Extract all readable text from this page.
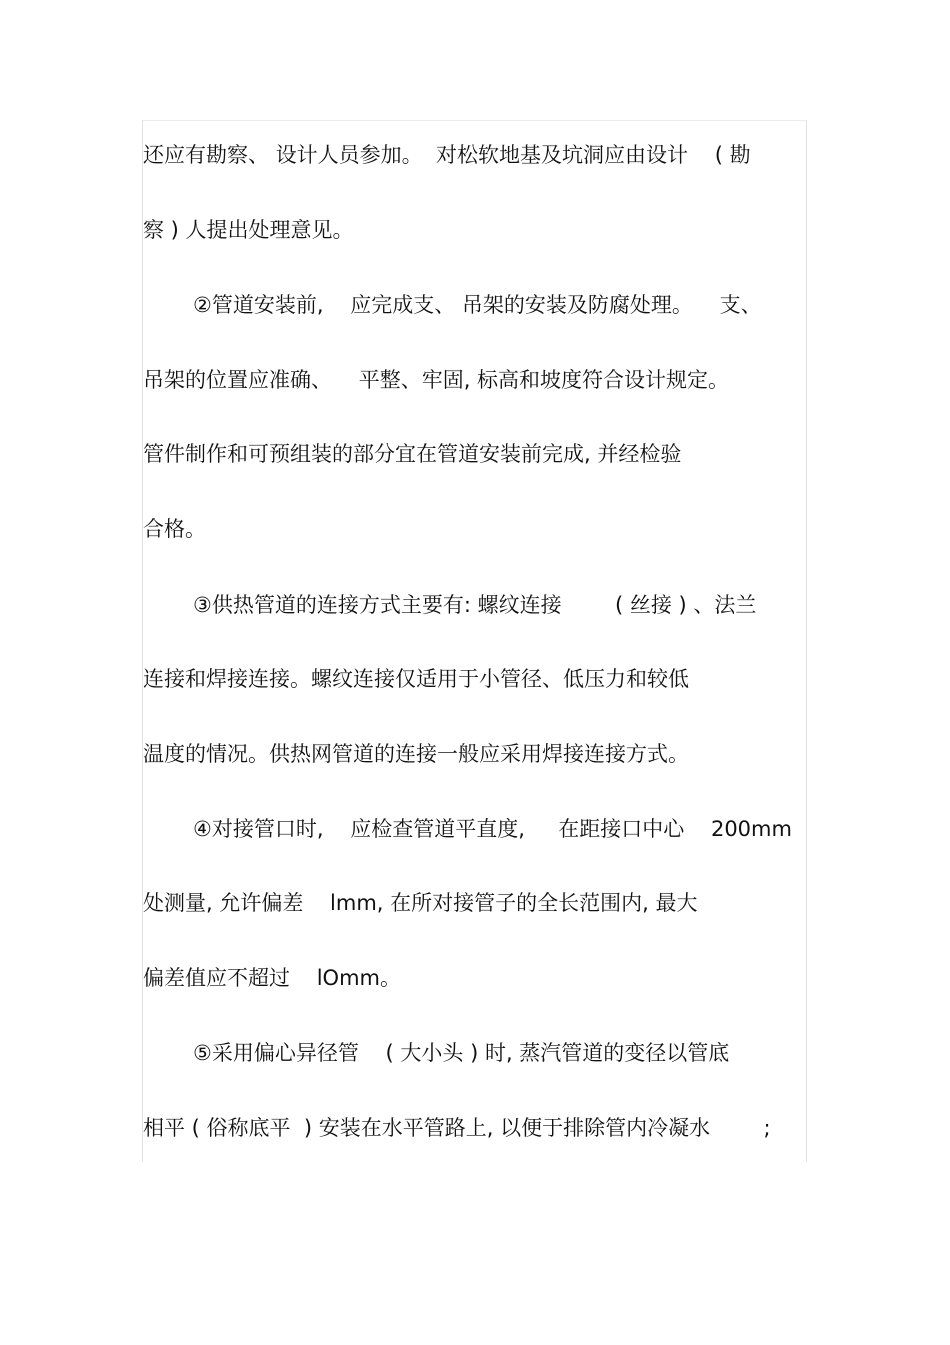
还应有勘察、 设计人员参加。  对松软地基及坑洞应由设计    ( 勘
察 ) 人提出处理意见。
②管道安装前,    应完成支、 吊架的安装及防腐处理。    支、
吊架的位置应准确、    平整、牢固, 标高和坡度符合设计规定。
管件制作和可预组装的部分宜在管道安装前完成, 并经检验
合格。
③供热管道的连接方式主要有: 螺纹连接        ( 丝接 ) 、法兰
连接和焊接连接。螺纹连接仅适用于小管径、低压力和较低
温度的情况。供热网管道的连接一般应采用焊接连接方式。
④对接管口时,    应检查管道平直度,     在距接口中心    200mm
处测量, 允许偏差    lmm, 在所对接管子的全长范围内, 最大
偏差值应不超过    lOmm。
⑤采用偏心异径管    ( 大小头 ) 时, 蒸汽管道的变径以管底
相平 ( 俗称底平  ) 安装在水平管路上, 以便于排除管内冷凝水        ;
